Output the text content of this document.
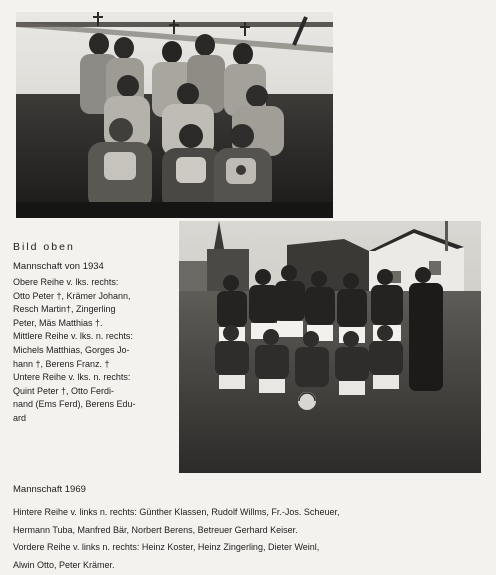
Bild oben

Mannschaft von 1934

Obere Reihe v. lks. rechts:

Otto Peter †, Krämer Johann,

Resch Martin†, Zingerling

Peter, Mäs Matthias †.

Mittlere Reihe v. lks. n. rechts:

Michels Matthias, Gorges Jo-

hann †, Berens Franz. †

Untere Reihe v. lks. n. rechts:

Quint Peter †, Otto Ferdi-

nand (Ems Ferd), Berens Edu-

ard

Mannschaft 1969

Hintere Reihe v. links n. rechts: Günther Klassen, Rudolf Willms, Fr.-Jos. Scheuer,

Hermann Tuba, Manfred Bär, Norbert Berens, Betreuer Gerhard Keiser.

Vordere Reihe v. links n. rechts: Heinz Koster, Heinz Zingerling, Dieter Weinl,

Alwin Otto, Peter Krämer.
